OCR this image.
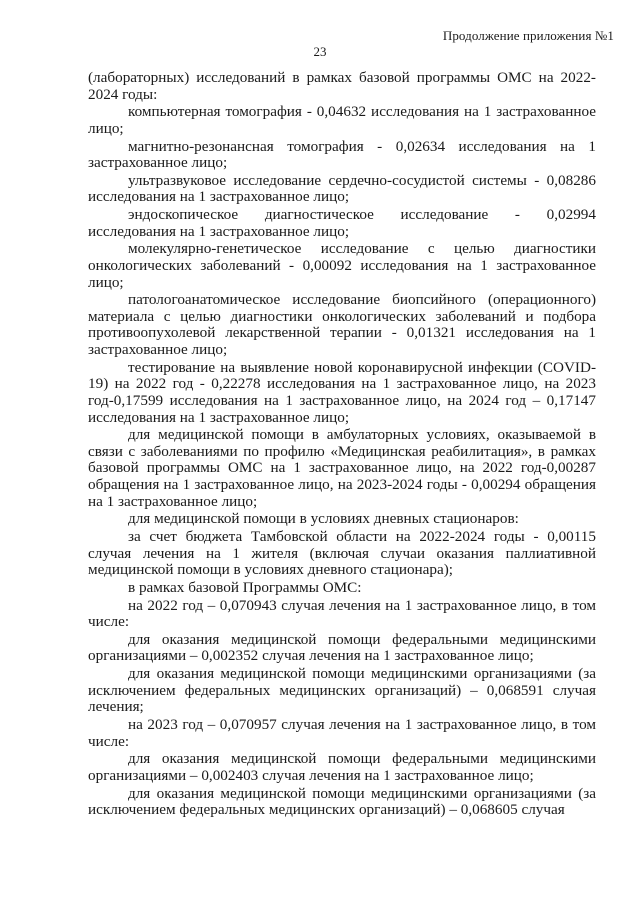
Продолжение приложения №1
23

(лабораторных) исследований в рамках базовой программы ОМС на 2022-2024 годы:

компьютерная томография - 0,04632 исследования на 1 застрахованное лицо;

магнитно-резонансная томография - 0,02634 исследования на 1 застрахованное лицо;

ультразвуковое исследование сердечно-сосудистой системы - 0,08286 исследования на 1 застрахованное лицо;

эндоскопическое диагностическое исследование - 0,02994 исследования на 1 застрахованное лицо;

молекулярно-генетическое исследование с целью диагностики онкологических заболеваний - 0,00092 исследования на 1 застрахованное лицо;

патологоанатомическое исследование биопсийного (операционного) материала с целью диагностики онкологических заболеваний и подбора противоопухолевой лекарственной терапии - 0,01321 исследования на 1 застрахованное лицо;

тестирование на выявление новой коронавирусной инфекции (COVID-19) на 2022 год - 0,22278 исследования на 1 застрахованное лицо, на 2023 год-0,17599 исследования на 1 застрахованное лицо, на 2024 год – 0,17147 исследования на 1 застрахованное лицо;

для медицинской помощи в амбулаторных условиях, оказываемой в связи с заболеваниями по профилю «Медицинская реабилитация», в рамках базовой программы ОМС на 1 застрахованное лицо, на 2022 год-0,00287 обращения на 1 застрахованное лицо, на 2023-2024 годы - 0,00294 обращения на 1 застрахованное лицо;

для медицинской помощи в условиях дневных стационаров:

за счет бюджета Тамбовской области на 2022-2024 годы - 0,00115 случая лечения на 1 жителя (включая случаи оказания паллиативной медицинской помощи в условиях дневного стационара);

в рамках базовой Программы ОМС:

на 2022 год – 0,070943 случая лечения на 1 застрахованное лицо, в том числе:

для оказания медицинской помощи федеральными медицинскими организациями – 0,002352 случая лечения на 1 застрахованное лицо;

для оказания медицинской помощи медицинскими организациями (за исключением федеральных медицинских организаций) – 0,068591 случая лечения;

на 2023 год – 0,070957 случая лечения на 1 застрахованное лицо, в том числе:

для оказания медицинской помощи федеральными медицинскими организациями – 0,002403 случая лечения на 1 застрахованное лицо;

для оказания медицинской помощи медицинскими организациями (за исключением федеральных медицинских организаций) – 0,068605 случая
